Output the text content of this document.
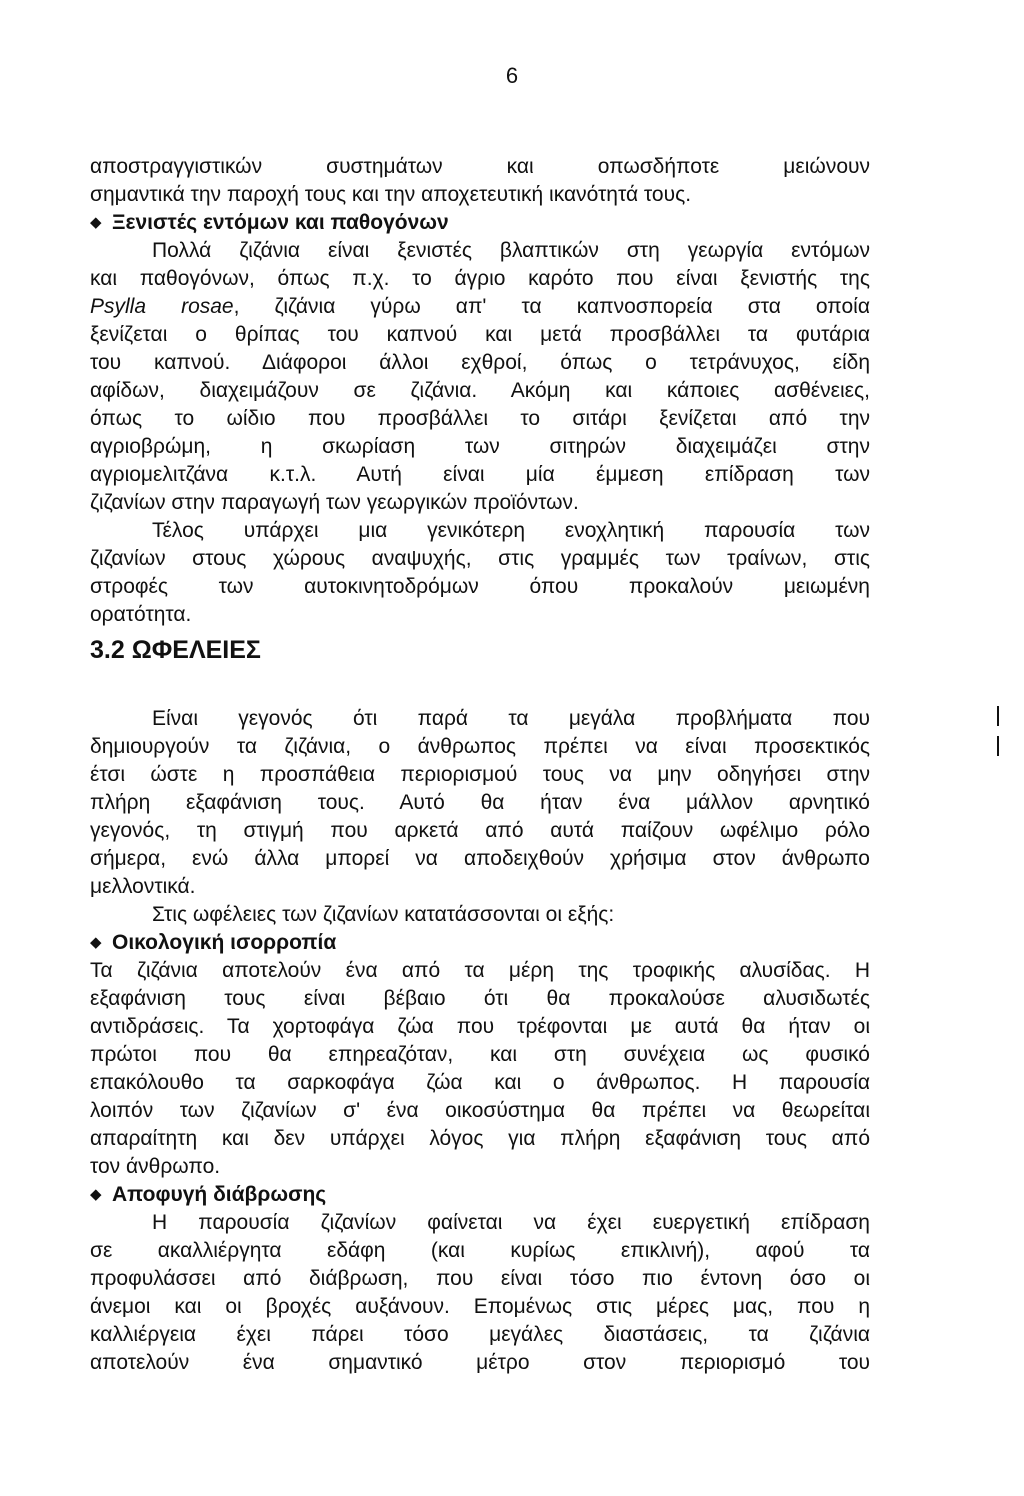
6
αποστραγγιστικών συστημάτων και οπωσδήποτε μειώνουν
σημαντικά την παροχή τους και την αποχετευτική ικανότητά τους.
◆ Ξενιστές εντόμων και παθογόνων
Πολλά ζιζάνια είναι ξενιστές βλαπτικών στη γεωργία εντόμων
και παθογόνων, όπως π.χ. το άγριο καρότο που είναι ξενιστής της
Psylla rosae, ζιζάνια γύρω απ' τα καπνοσπορεία στα οποία
ξενίζεται ο θρίπας του καπνού και μετά προσβάλλει τα φυτάρια
του καπνού. Διάφοροι άλλοι εχθροί, όπως ο τετράνυχος, είδη
αφίδων, διαχειμάζουν σε ζιζάνια. Ακόμη και κάποιες ασθένειες,
όπως το ωίδιο που προσβάλλει το σιτάρι ξενίζεται από την
αγριοβρώμη, η σκωρίαση των σιτηρών διαχειμάζει στην
αγριομελιτζάνα κ.τ.λ. Αυτή είναι μία έμμεση επίδραση των
ζιζανίων στην παραγωγή των γεωργικών προϊόντων.
Τέλος υπάρχει μια γενικότερη ενοχλητική παρουσία των
ζιζανίων στους χώρους αναψυχής, στις γραμμές των τραίνων, στις
στροφές των αυτοκινητοδρόμων όπου προκαλούν μειωμένη
ορατότητα.
3.2 ΩΦΕΛΕΙΕΣ
Είναι γεγονός ότι παρά τα μεγάλα προβλήματα που
δημιουργούν τα ζιζάνια, ο άνθρωπος πρέπει να είναι προσεκτικός
έτσι ώστε η προσπάθεια περιορισμού τους να μην οδηγήσει στην
πλήρη εξαφάνιση τους. Αυτό θα ήταν ένα μάλλον αρνητικό
γεγονός, τη στιγμή που αρκετά από αυτά παίζουν ωφέλιμο ρόλο
σήμερα, ενώ άλλα μπορεί να αποδειχθούν χρήσιμα στον άνθρωπο
μελλοντικά.
Στις ωφέλειες των ζιζανίων κατατάσσονται οι εξής:
◆ Οικολογική ισορροπία
Τα ζιζάνια αποτελούν ένα από τα μέρη της τροφικής αλυσίδας. Η
εξαφάνιση τους είναι βέβαιο ότι θα προκαλούσε αλυσιδωτές
αντιδράσεις. Τα χορτοφάγα ζώα που τρέφονται με αυτά θα ήταν οι
πρώτοι που θα επηρεαζόταν, και στη συνέχεια ως φυσικό
επακόλουθο τα σαρκοφάγα ζώα και ο άνθρωπος. Η παρουσία
λοιπόν των ζιζανίων σ' ένα οικοσύστημα θα πρέπει να θεωρείται
απαραίτητη και δεν υπάρχει λόγος για πλήρη εξαφάνιση τους από
τον άνθρωπο.
◆ Αποφυγή διάβρωσης
Η παρουσία ζιζανίων φαίνεται να έχει ευεργετική επίδραση
σε ακαλλιέργητα εδάφη (και κυρίως επικλινή), αφού τα
προφυλάσσει από διάβρωση, που είναι τόσο πιο έντονη όσο οι
άνεμοι και οι βροχές αυξάνουν. Επομένως στις μέρες μας, που η
καλλιέργεια έχει πάρει τόσο μεγάλες διαστάσεις, τα ζιζάνια
αποτελούν ένα σημαντικό μέτρο στον περιορισμό του
